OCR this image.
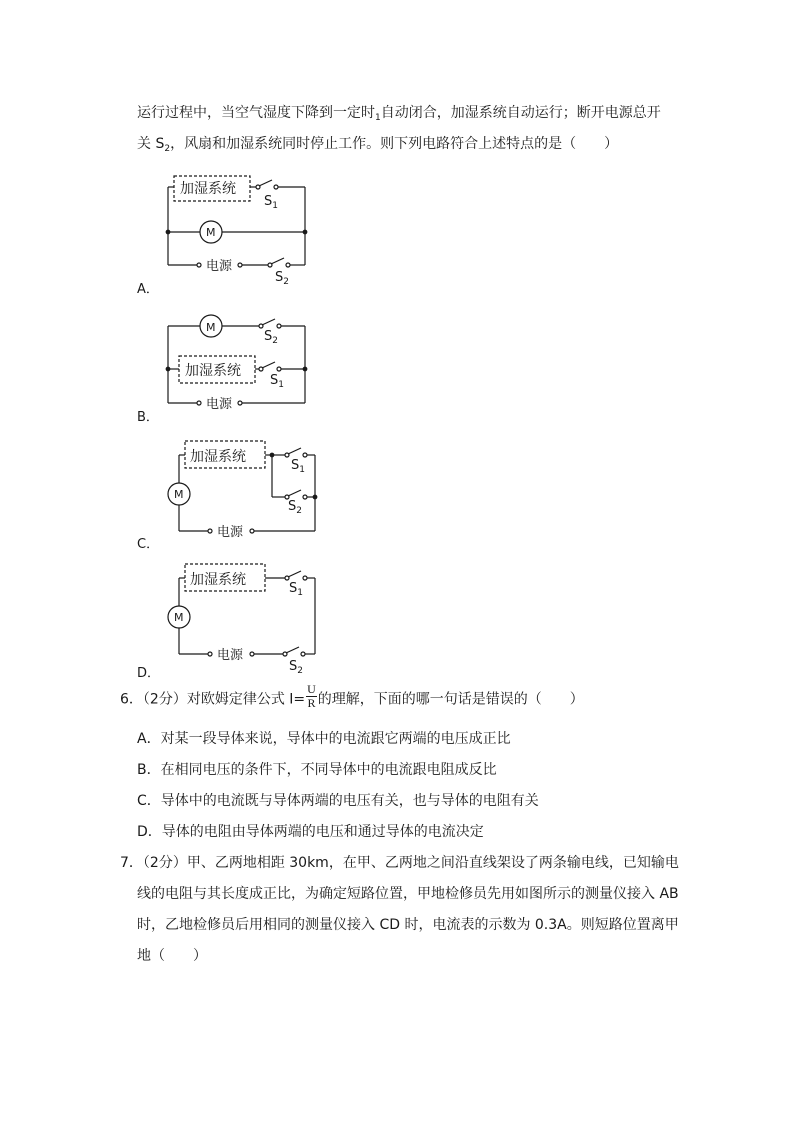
运行过程中，当空气湿度下降到一定时$_1$自动闭合，加湿系统自动运行；断开电源总开
关 $S_2$，风扇和加湿系统同时停止工作。则下列电路符合上述特点的是（　　）
加湿系统
M
电源
$S_1$
$S_2$
M
加湿系统
电源
$S_2$
$S_1$
加湿系统
M
电源
$S_1$
$S_2$
加湿系统
M
电源
$S_1$
$S_2$
A．
B．
C．
D．
6．（2分）对欧姆定律公式 $I= \frac{U}{R}$ 的理解，下面的哪一句话是错误的（　　）
A．对某一段导体来说，导体中的电流跟它两端的电压成正比
B．在相同电压的条件下，不同导体中的电流跟电阻成反比
C．导体中的电流既与导体两端的电压有关，也与导体的电阻有关
D．导体的电阻由导体两端的电压和通过导体的电流决定
7．（2分）甲、乙两地相距 30km，在甲、乙两地之间沿直线架设了两条输电线，已知输电
线的电阻与其长度成正比，为确定短路位置，甲地检修员先用如图所示的测量仪接入 AB
时，乙地检修员后用相同的测量仪接入 CD 时，电流表的示数为 0.3A。则短路位置离甲
地（　　）
